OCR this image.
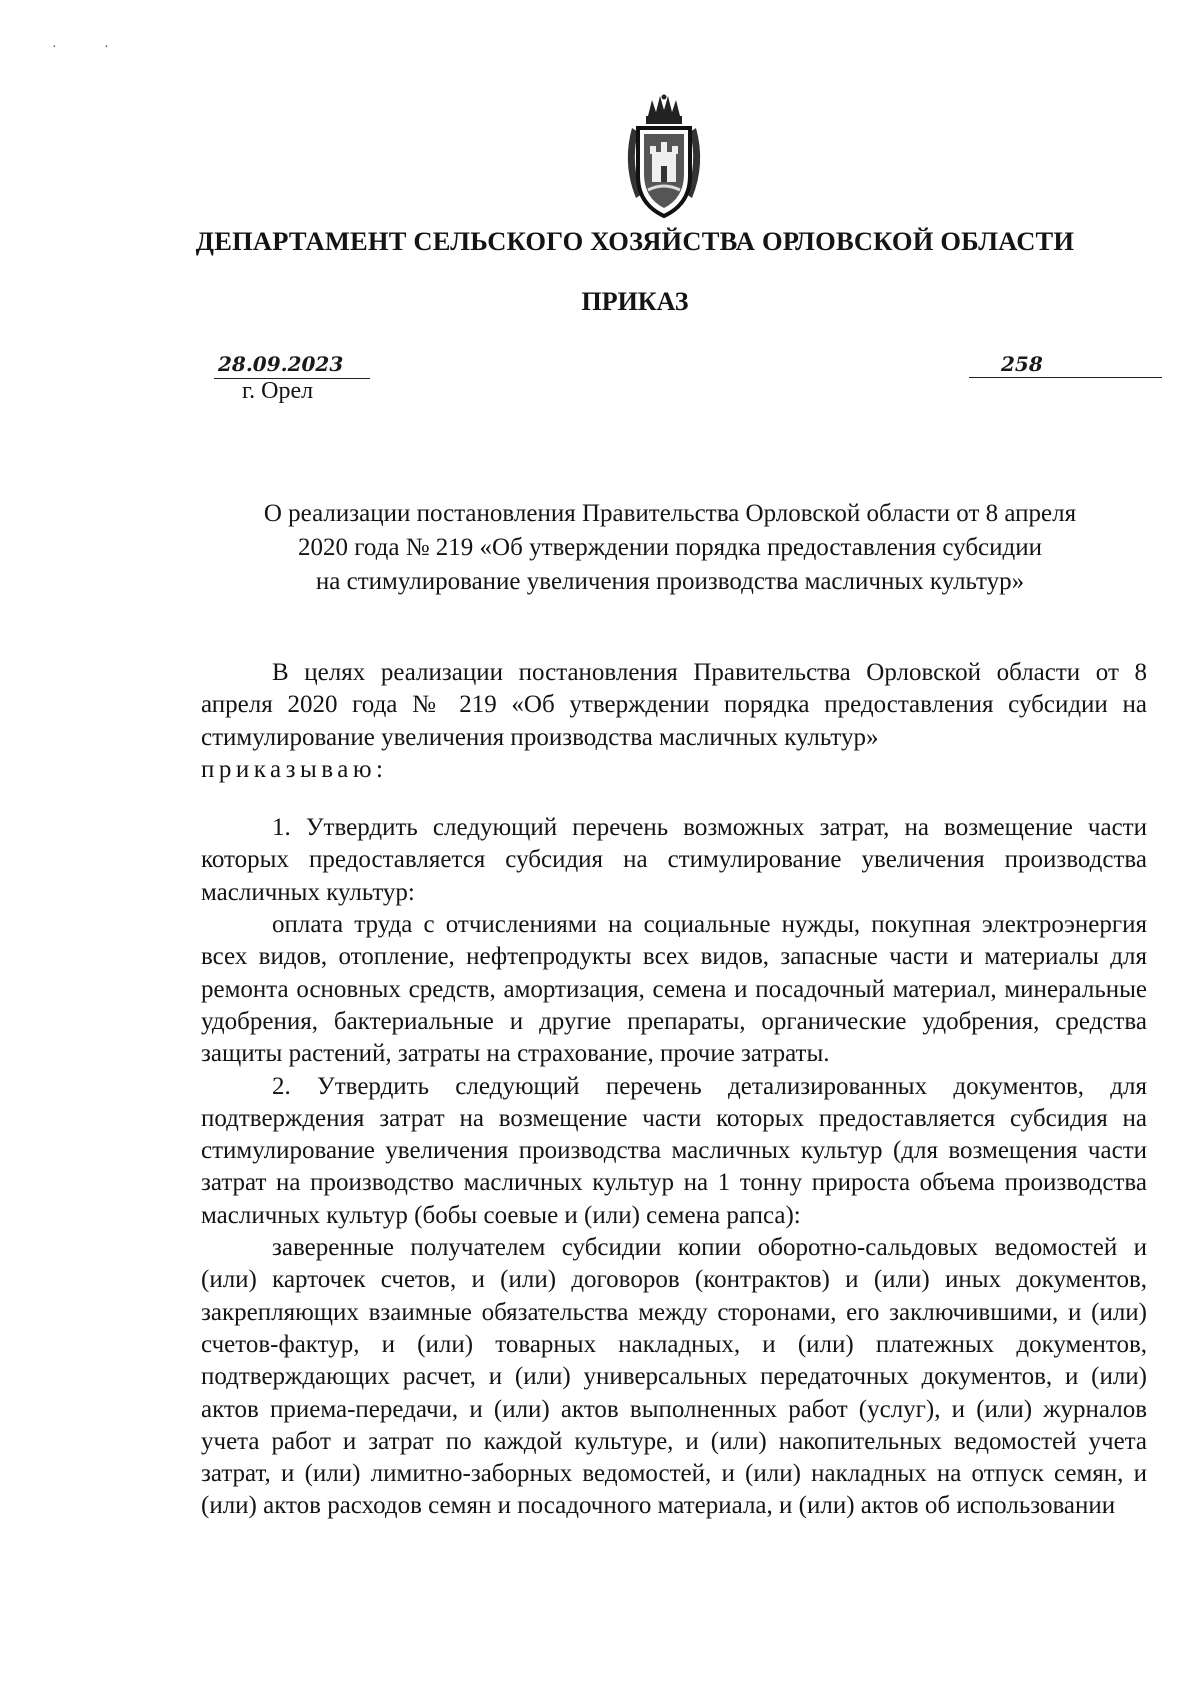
· ·
ДЕПАРТАМЕНТ СЕЛЬСКОГО ХОЗЯЙСТВА ОРЛОВСКОЙ ОБЛАСТИ
ПРИКАЗ
28.09.2023	258
г. Орел
О реализации постановления Правительства Орловской области от 8 апреля
2020 года № 219 «Об утверждении порядка предоставления субсидии
на стимулирование увеличения производства масличных культур»

В целях реализации постановления Правительства Орловской области от 8 апреля 2020 года № 219 «Об утверждении порядка предоставления субсидии на стимулирование увеличения производства масличных культур»

приказываю:

1. Утвердить следующий перечень возможных затрат, на возмещение части которых предоставляется субсидия на стимулирование увеличения производства масличных культур:

оплата труда с отчислениями на социальные нужды, покупная электроэнергия всех видов, отопление, нефтепродукты всех видов, запасные части и материалы для ремонта основных средств, амортизация, семена и посадочный материал, минеральные удобрения, бактериальные и другие препараты, органические удобрения, средства защиты растений, затраты на страхование, прочие затраты.

2. Утвердить следующий перечень детализированных документов, для подтверждения затрат на возмещение части которых предоставляется субсидия на стимулирование увеличения производства масличных культур (для возмещения части затрат на производство масличных культур на 1 тонну прироста объема производства масличных культур (бобы соевые и (или) семена рапса):

заверенные получателем субсидии копии оборотно-сальдовых ведомостей и (или) карточек счетов, и (или) договоров (контрактов) и (или) иных документов, закрепляющих взаимные обязательства между сторонами, его заключившими, и (или) счетов-фактур, и (или) товарных накладных, и (или) платежных документов, подтверждающих расчет, и (или) универсальных передаточных документов, и (или) актов приема-передачи, и (или) актов выполненных работ (услуг), и (или) журналов учета работ и затрат по каждой культуре, и (или) накопительных ведомостей учета затрат, и (или) лимитно-заборных ведомостей, и (или) накладных на отпуск семян, и (или) актов расходов семян и посадочного материала, и (или) актов об использовании
